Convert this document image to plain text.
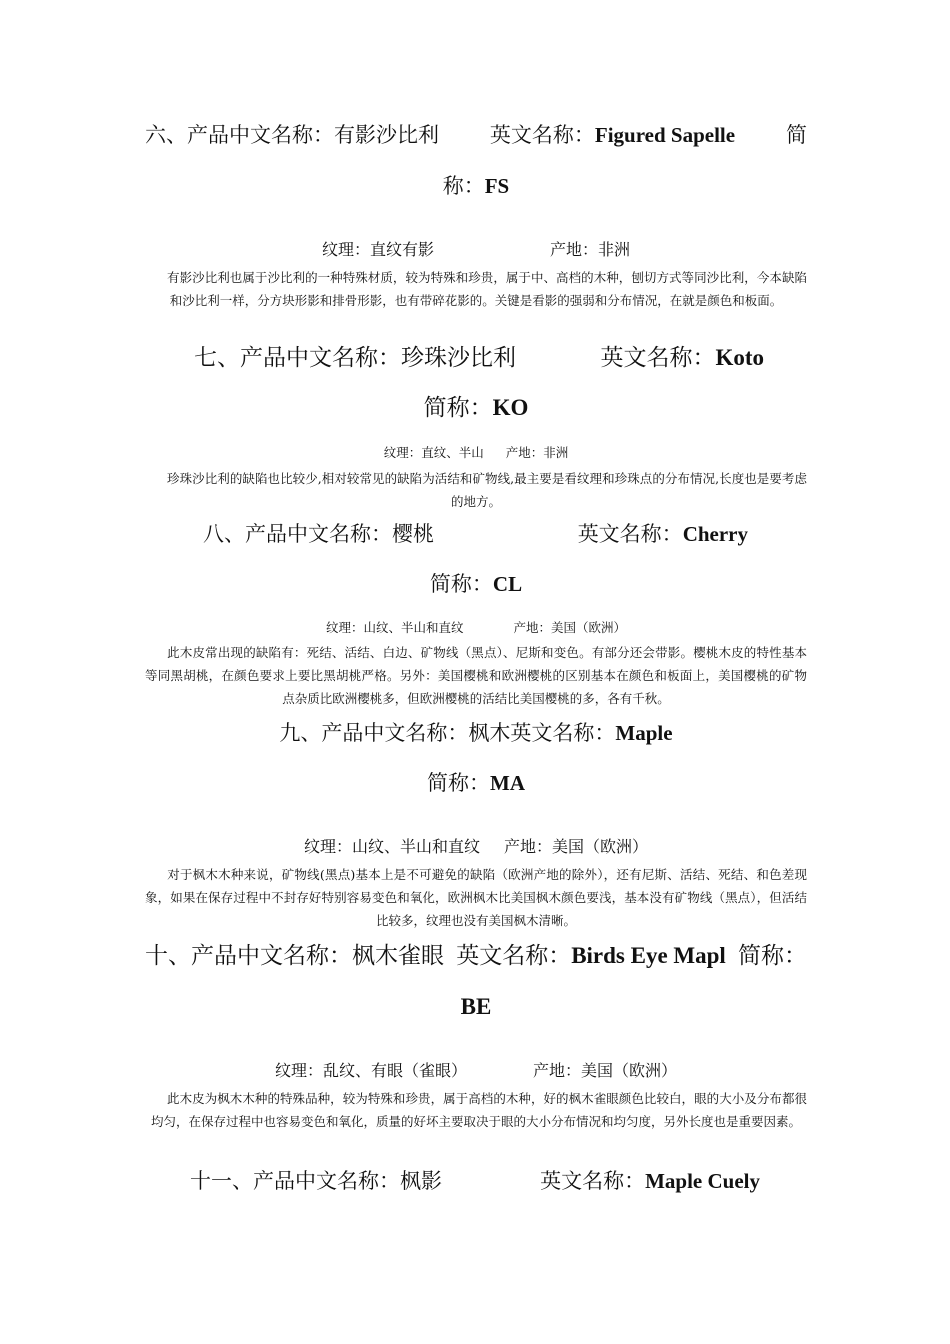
六、产品中文名称：有影沙比利 英文名称：Figured Sapelle 简
称：FS
纹理：直纹有影	产地：非洲
有影沙比利也属于沙比利的一种特殊材质，较为特殊和珍贵，属于中、高档的木种，刨切方式等同沙比利，今本缺陷和沙比利一样，分方块形影和排骨形影，也有带碎花影的。关键是看影的强弱和分布情况，在就是颜色和板面。
七、产品中文名称：珍珠沙比利	英文名称：Koto
简称：KO
纹理：直纹、半山 产地：非洲
珍珠沙比利的缺陷也比较少,相对较常见的缺陷为活结和矿物线,最主要是看纹理和珍珠点的分布情况,长度也是要考虑的地方。
八、产品中文名称：樱桃	英文名称：Cherry
简称：CL
纹理：山纹、半山和直纹	产地：美国（欧洲）
此木皮常出现的缺陷有：死结、活结、白边、矿物线（黑点）、尼斯和变色。有部分还会带影。樱桃木皮的特性基本等同黑胡桃，在颜色要求上要比黑胡桃严格。另外：美国樱桃和欧洲樱桃的区别基本在颜色和板面上，美国樱桃的矿物点杂质比欧洲樱桃多，但欧洲樱桃的活结比美国樱桃的多，各有千秋。
九、产品中文名称：枫木英文名称：Maple
简称：MA
纹理：山纹、半山和直纹 产地：美国（欧洲）
对于枫木木种来说，矿物线(黑点)基本上是不可避免的缺陷（欧洲产地的除外），还有尼斯、活结、死结、和色差现象，如果在保存过程中不封存好特别容易变色和氧化，欧洲枫木比美国枫木颜色要浅，基本没有矿物线（黑点），但活结比较多，纹理也没有美国枫木清晰。
十、产品中文名称：枫木雀眼 英文名称：Birds Eye Mapl 简称：
BE
纹理：乱纹、有眼（雀眼）	产地：美国（欧洲）
此木皮为枫木木种的特殊品种，较为特殊和珍贵，属于高档的木种，好的枫木雀眼颜色比较白，眼的大小及分布都很均匀，在保存过程中也容易变色和氧化，质量的好坏主要取决于眼的大小分布情况和均匀度，另外长度也是重要因素。
十一、产品中文名称：枫影	英文名称：Maple Cuely
